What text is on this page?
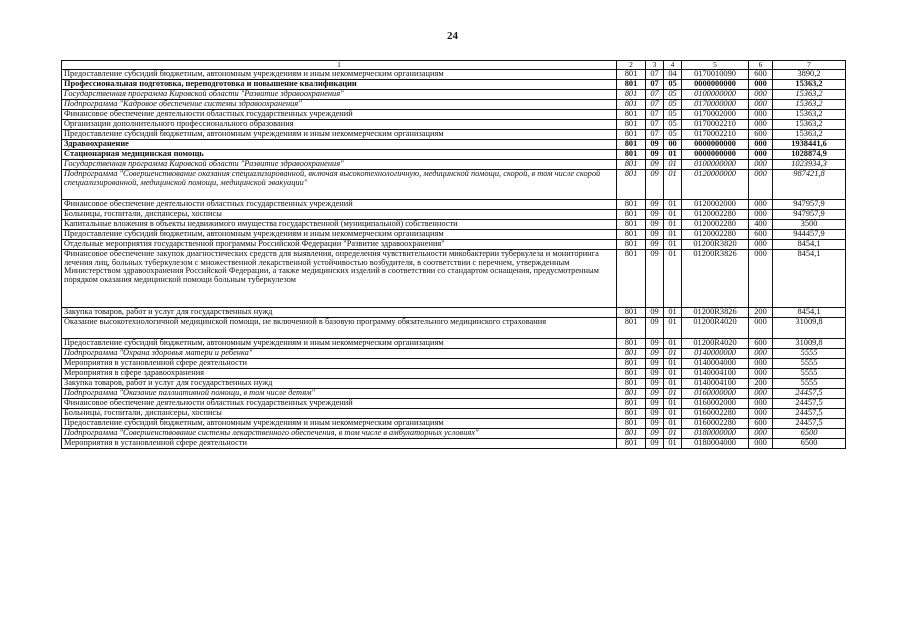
24
1	2	3	4	5	6	7
Предоставление субсидий бюджетным, автономным учреждениям и иным некоммерческим организациям	801	07	04	0170010090	600	3890,2
Профессиональная подготовка, переподготовка и повышение квалификации	801	07	05	0000000000	000	15363,2
Государственная программа Кировской области "Развитие здравоохранения"	801	07	05	0100000000	000	15363,2
Подпрограмма "Кадровое обеспечение системы здравоохранения"	801	07	05	0170000000	000	15363,2
Финансовое обеспечение деятельности областных государственных учреждений	801	07	05	0170002000	000	15363,2
Организации дополнительного профессионального образования	801	07	05	0170002210	000	15363,2
Предоставление субсидий бюджетным, автономным учреждениям и иным некоммерческим организациям	801	07	05	0170002210	600	15363,2
Здравоохранение	801	09	00	0000000000	000	1938441,6
Стационарная медицинская помощь	801	09	01	0000000000	000	1028874,9
Государственная программа Кировской области "Развитие здравоохранения"	801	09	01	0100000000	000	1023934,3
Подпрограмма "Совершенствование оказания специализированной, включая высокотехнологичную, медицинской помощи, скорой, в том числе скорой специализированной, медицинской помощи, медицинской эвакуации"	801	09	01	0120000000	000	987421,8
Финансовое обеспечение деятельности областных государственных учреждений	801	09	01	0120002000	000	947957,9
Больницы, госпитали, диспансеры, хосписы	801	09	01	0120002280	000	947957,9
Капитальные вложения в объекты недвижимого имущества государственной (муниципальной) собственности	801	09	01	0120002280	400	3500
Предоставление субсидий бюджетным, автономным учреждениям и иным некоммерческим организациям	801	09	01	0120002280	600	944457,9
Отдельные мероприятия государственной программы Российской Федерации "Развитие здравоохранения"	801	09	01	01200R3820	000	8454,1
Финансовое обеспечение закупок диагностических средств для выявления, определения чувствительности микобактерии туберкулеза и мониторинга лечения лиц, больных туберкулезом с множественной лекарственной устойчивостью возбудителя, в соответствии с перечнем, утвержденным Министерством здравоохранения Российской Федерации, а также медицинских изделий в соответствии со стандартом оснащения, предусмотренным порядком оказания медицинской помощи больным туберкулезом	801	09	01	01200R3826	000	8454,1
Закупка товаров, работ и услуг для государственных нужд	801	09	01	01200R3826	200	8454,1
Оказание высокотехнологичной медицинской помощи, не включенной в базовую программу обязательного медицинского страхования	801	09	01	01200R4020	000	31009,8
Предоставление субсидий бюджетным, автономным учреждениям и иным некоммерческим организациям	801	09	01	01200R4020	600	31009,8
Подпрограмма "Охрана здоровья матери и ребенка"	801	09	01	0140000000	000	5555
Мероприятия в установленной сфере деятельности	801	09	01	0140004000	000	5555
Мероприятия в сфере здравоохранения	801	09	01	0140004100	000	5555
Закупка товаров, работ и услуг для государственных нужд	801	09	01	0140004100	200	5555
Подпрограмма "Оказание паллиативной помощи, в том числе детям"	801	09	01	0160000000	000	24457,5
Финансовое обеспечение деятельности областных государственных учреждений	801	09	01	0160002000	000	24457,5
Больницы, госпитали, диспансеры, хосписы	801	09	01	0160002280	000	24457,5
Предоставление субсидий бюджетным, автономным учреждениям и иным некоммерческим организациям	801	09	01	0160002280	600	24457,5
Подпрограмма "Совершенствование системы лекарственного обеспечения, в том числе в амбулаторных условиях"	801	09	01	0180000000	000	6500
Мероприятия в установленной сфере деятельности	801	09	01	0180004000	000	6500
